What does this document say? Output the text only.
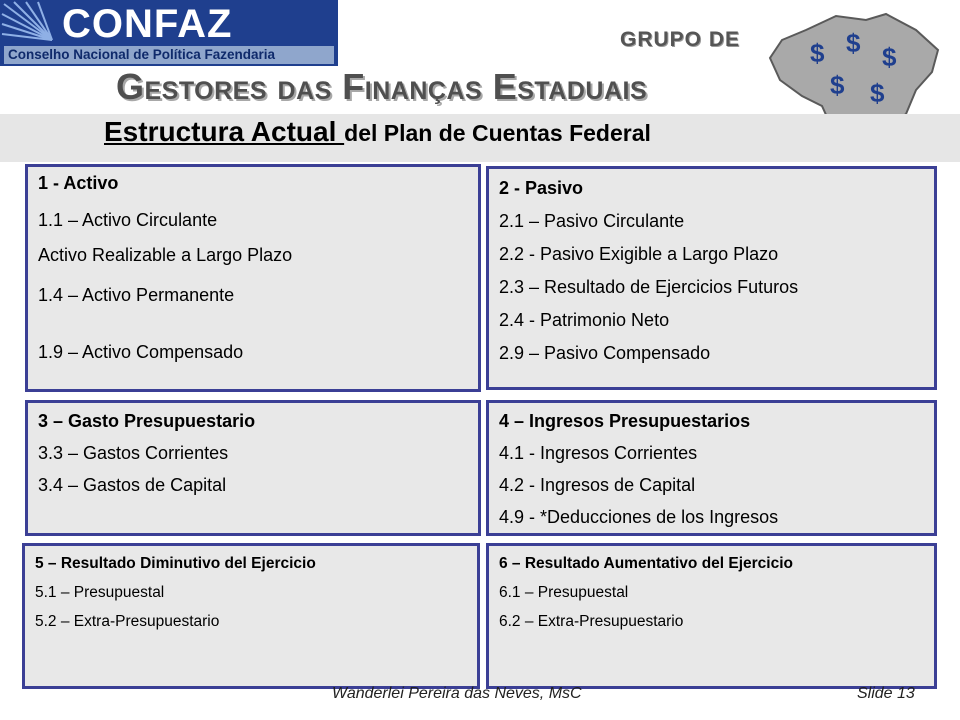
CONFAZ
Conselho Nacional de Política Fazendaria
GRUPO DE
Gestores das Finanças Estaduais
$ $ $
$ $
Estructura Actual del Plan de Cuentas Federal

1 - Activo

1.1 – Activo Circulante

Activo Realizable a Largo Plazo

1.4 – Activo Permanente

1.9 – Activo Compensado

2 - Pasivo

2.1 – Pasivo Circulante

2.2 - Pasivo Exigible a Largo Plazo

2.3 – Resultado de Ejercicios Futuros

2.4 - Patrimonio Neto

2.9 – Pasivo Compensado

3 – Gasto Presupuestario

3.3 – Gastos Corrientes

3.4 – Gastos de Capital

4 – Ingresos Presupuestarios

4.1 - Ingresos Corrientes

4.2 - Ingresos de Capital

4.9 - *Deducciones de los Ingresos

5 – Resultado Diminutivo del Ejercicio

5.1 – Presupuestal

5.2 – Extra-Presupuestario

6 – Resultado Aumentativo del Ejercicio

6.1 – Presupuestal

6.2 – Extra-Presupuestario

Wanderlei Pereira das Neves, MsC	Slide 13
